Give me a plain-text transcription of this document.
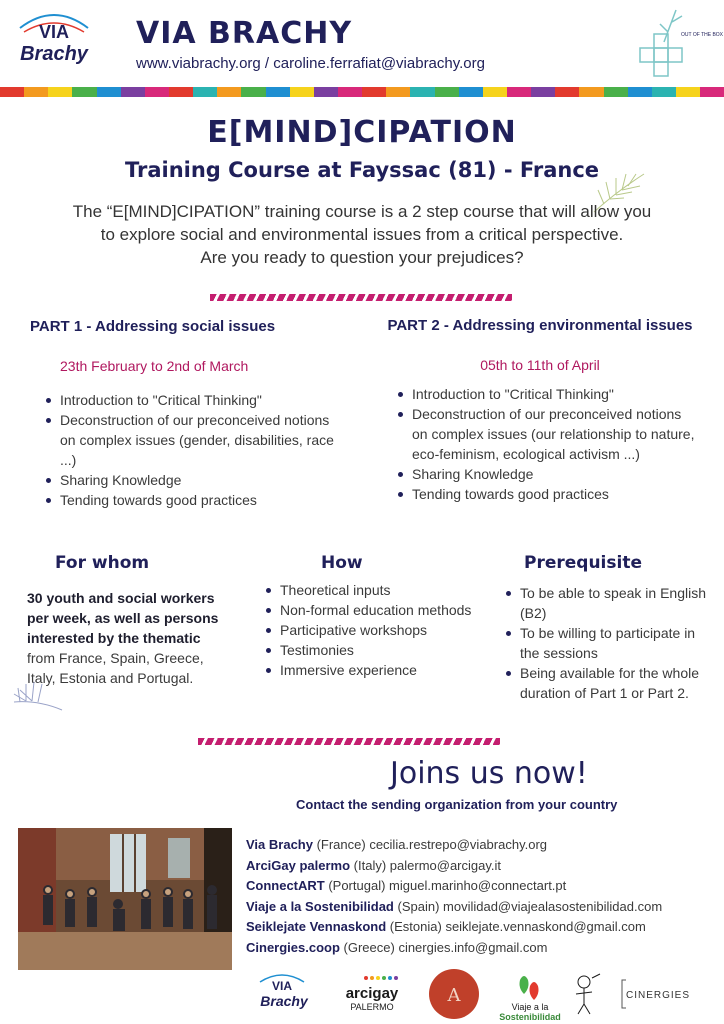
VIA
Brachy
VIA BRACHY
www.viabrachy.org / caroline.ferrafiat@viabrachy.org
OUT OF THE BOX
E[MIND]CIPATION
Training Course at Fayssac (81) - France
The “E[MIND]CIPATION” training course is a 2 step course that will allow you
to explore social and environmental issues from a critical perspective.
Are you ready to question your prejudices?
PART 1 - Addressing social issues
23th February to 2nd of March
Introduction to "Critical Thinking"
Deconstruction of our preconceived notions on complex issues (gender, disabilities, race ...)
Sharing Knowledge
Tending towards good practices
PART 2 - Addressing environmental issues
05th to 11th of April
Introduction to "Critical Thinking"
Deconstruction of our preconceived notions on complex issues (our relationship to nature, eco-feminism, ecological activism ...)
Sharing Knowledge
Tending towards good practices
For whom	How	Prerequisite
30 youth and social workers per week, as well as persons interested by the thematic from France, Spain, Greece, Italy, Estonia and Portugal.
Theoretical inputs
Non-formal education methods
Participative workshops
Testimonies
Immersive experience
To be able to speak in English (B2)
To be willing to participate in the sessions
Being available for the whole duration of Part 1 or Part 2.
Joins us now!
Contact the sending organization from your country
Via Brachy (France) cecilia.restrepo@viabrachy.org
ArciGay palermo (Italy) palermo@arcigay.it
ConnectART (Portugal) miguel.marinho@connectart.pt
Viaje a la Sostenibilidad (Spain) movilidad@viajealasostenibilidad.com
Seiklejate Vennaskond (Estonia) seiklejate.vennaskond@gmail.com
Cinergies.coop (Greece) cinergies.info@gmail.com
VIA
Brachy	arcigay
PALERMO
A
Viaje a la
Sostenibilidad
CINERGIES
